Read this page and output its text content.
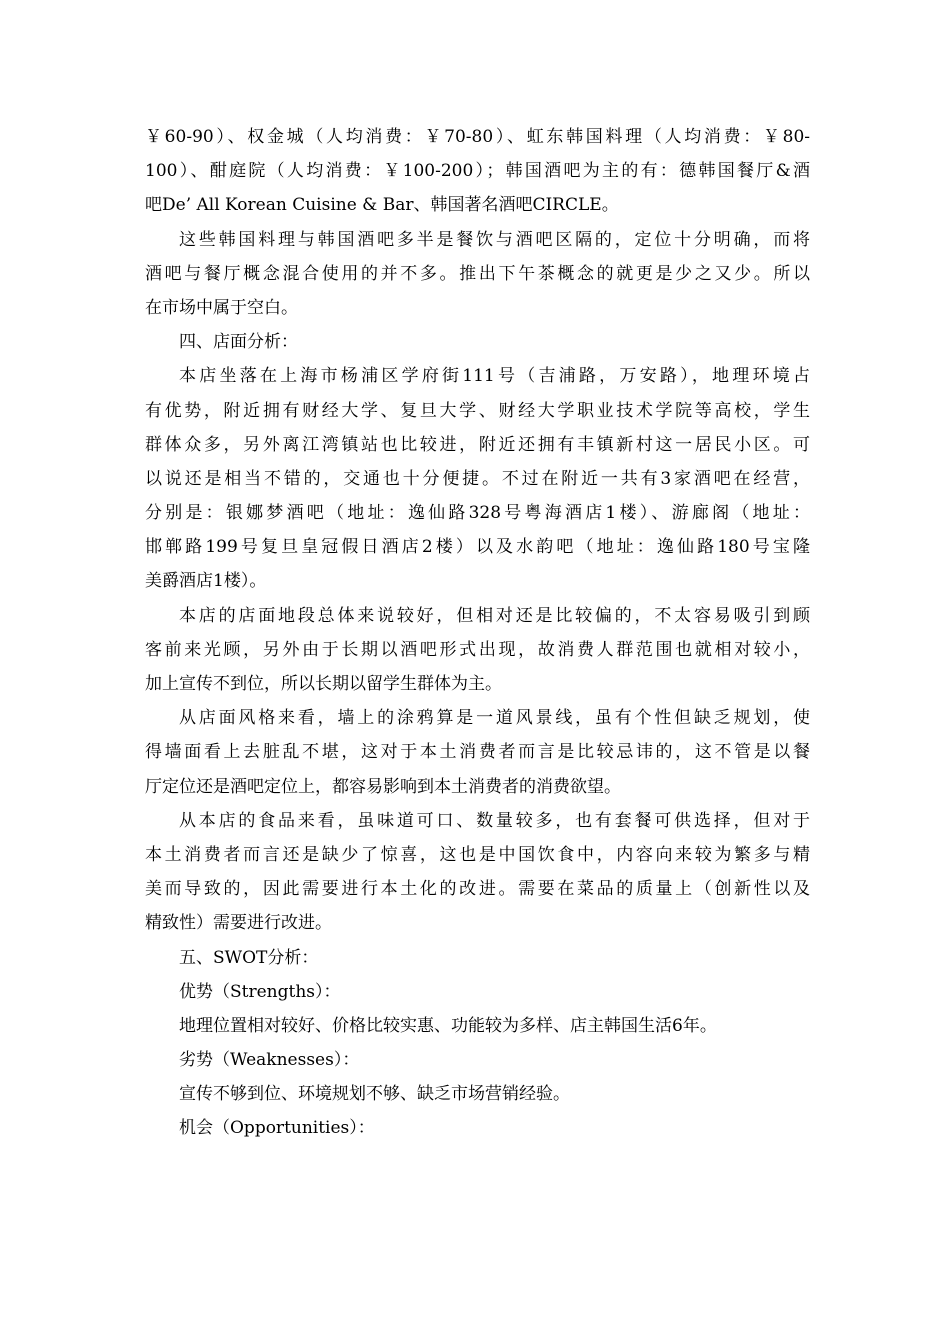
￥60-90）、权金城（人均消费：￥70-80）、虹东韩国料理（人均消费：￥80-
100）、酣庭院（人均消费：￥100-200）；韩国酒吧为主的有：德韩国餐厅&酒
吧De’ All Korean Cuisine & Bar、韩国著名酒吧CIRCLE。
这些韩国料理与韩国酒吧多半是餐饮与酒吧区隔的，定位十分明确，而将
酒吧与餐厅概念混合使用的并不多。推出下午茶概念的就更是少之又少。所以
在市场中属于空白。
四、店面分析：
本店坐落在上海市杨浦区学府街111号（吉浦路，万安路），地理环境占
有优势，附近拥有财经大学、复旦大学、财经大学职业技术学院等高校，学生
群体众多，另外离江湾镇站也比较进，附近还拥有丰镇新村这一居民小区。可
以说还是相当不错的，交通也十分便捷。不过在附近一共有3家酒吧在经营，
分别是：银娜梦酒吧（地址：逸仙路328号粤海酒店1楼）、游廊阁（地址：
邯郸路199号复旦皇冠假日酒店2楼）以及水韵吧（地址：逸仙路180号宝隆
美爵酒店1楼）。
本店的店面地段总体来说较好，但相对还是比较偏的，不太容易吸引到顾
客前来光顾，另外由于长期以酒吧形式出现，故消费人群范围也就相对较小，
加上宣传不到位，所以长期以留学生群体为主。
从店面风格来看，墙上的涂鸦算是一道风景线，虽有个性但缺乏规划，使
得墙面看上去脏乱不堪，这对于本土消费者而言是比较忌讳的，这不管是以餐
厅定位还是酒吧定位上，都容易影响到本土消费者的消费欲望。
从本店的食品来看，虽味道可口、数量较多，也有套餐可供选择，但对于
本土消费者而言还是缺少了惊喜，这也是中国饮食中，内容向来较为繁多与精
美而导致的，因此需要进行本土化的改进。需要在菜品的质量上（创新性以及
精致性）需要进行改进。
五、SWOT分析：
优势（Strengths）：
地理位置相对较好、价格比较实惠、功能较为多样、店主韩国生活6年。
劣势（Weaknesses）：
宣传不够到位、环境规划不够、缺乏市场营销经验。
机会（Opportunities）：
